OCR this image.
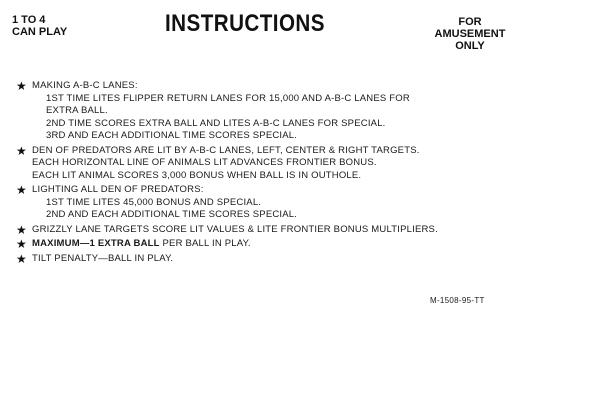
1 TO 4
CAN PLAY	INSTRUCTIONS	FOR
AMUSEMENT
ONLY
★ MAKING A-B-C LANES:
1ST TIME LITES FLIPPER RETURN LANES FOR 15,000 AND A-B-C LANES FOR
EXTRA BALL.
2ND TIME SCORES EXTRA BALL AND LITES A-B-C LANES FOR SPECIAL.
3RD AND EACH ADDITIONAL TIME SCORES SPECIAL.
★ DEN OF PREDATORS ARE LIT BY A-B-C LANES, LEFT, CENTER & RIGHT TARGETS.
EACH HORIZONTAL LINE OF ANIMALS LIT ADVANCES FRONTIER BONUS.
EACH LIT ANIMAL SCORES 3,000 BONUS WHEN BALL IS IN OUTHOLE.
★ LIGHTING ALL DEN OF PREDATORS:
1ST TIME LITES 45,000 BONUS AND SPECIAL.
2ND AND EACH ADDITIONAL TIME SCORES SPECIAL.
★ GRIZZLY LANE TARGETS SCORE LIT VALUES & LITE FRONTIER BONUS MULTIPLIERS.
★ MAXIMUM—1 EXTRA BALL PER BALL IN PLAY.
★ TILT PENALTY—BALL IN PLAY.
M-1508-95-TT
